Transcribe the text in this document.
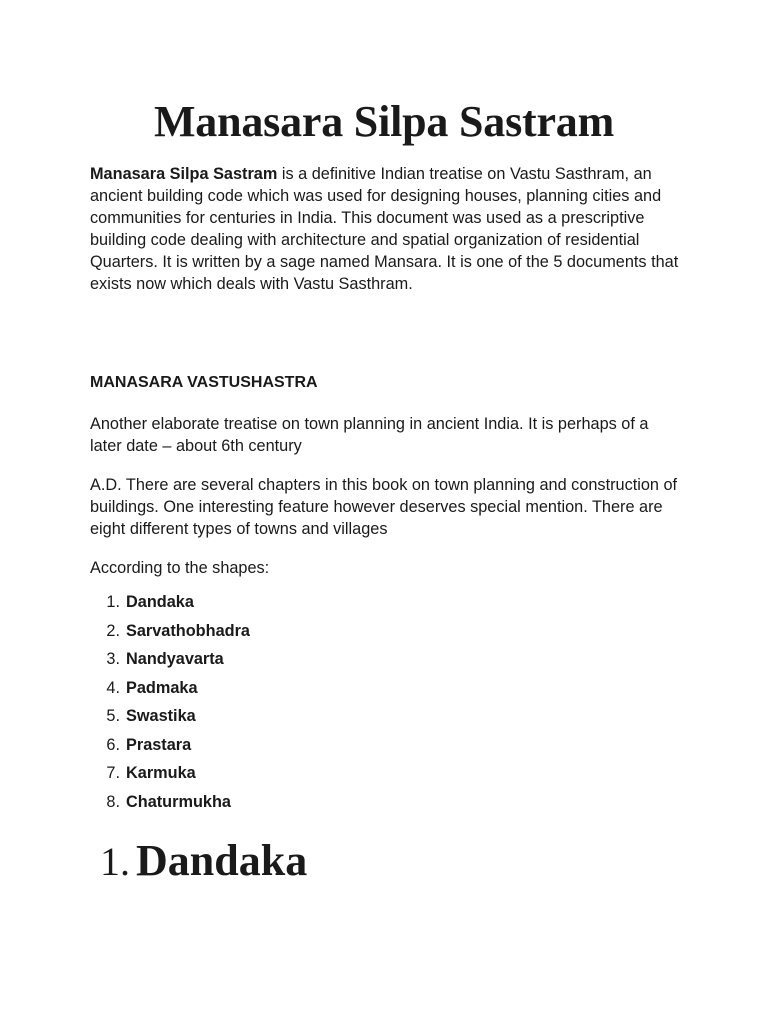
Manasara Silpa Sastram

Manasara Silpa Sastram is a definitive Indian treatise on Vastu Sasthram, an ancient building code which was used for designing houses, planning cities and communities for centuries in India. This document was used as a prescriptive building code dealing with architecture and spatial organization of residential Quarters. It is written by a sage named Mansara. It is one of the 5 documents that exists now which deals with Vastu Sasthram.

MANASARA VASTUSHASTRA

Another elaborate treatise on town planning in ancient India. It is perhaps of a later date – about 6th century

A.D. There are several chapters in this book on town planning and construction of buildings. One interesting feature however deserves special mention. There are eight different types of towns and villages

According to the shapes:

1. Dandaka
2. Sarvathobhadra
3. Nandyavarta
4. Padmaka
5. Swastika
6. Prastara
7. Karmuka
8. Chaturmukha
1. Dandaka
